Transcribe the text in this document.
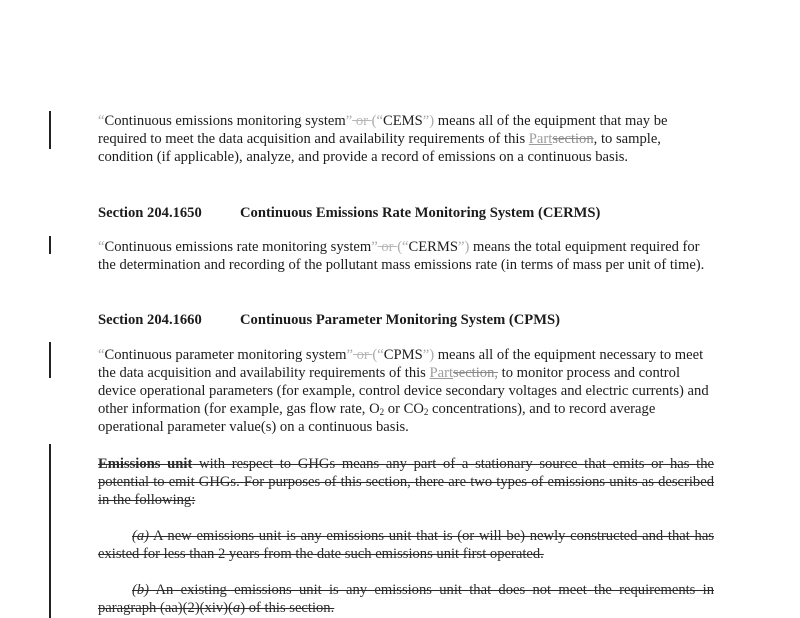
“Continuous emissions monitoring system” or (“CEMS”) means all of the equipment that may be required to meet the data acquisition and availability requirements of this Partsection, to sample, condition (if applicable), analyze, and provide a record of emissions on a continuous basis.
Section 204.1650	Continuous Emissions Rate Monitoring System (CERMS)
“Continuous emissions rate monitoring system” or (“CERMS”) means the total equipment required for the determination and recording of the pollutant mass emissions rate (in terms of mass per unit of time).
Section 204.1660	Continuous Parameter Monitoring System (CPMS)
“Continuous parameter monitoring system” or (“CPMS”) means all of the equipment necessary to meet the data acquisition and availability requirements of this Partsection, to monitor process and control device operational parameters (for example, control device secondary voltages and electric currents) and other information (for example, gas flow rate, $O_2$ or $CO_2$ concentrations), and to record average operational parameter value(s) on a continuous basis.
Emissions unit with respect to GHGs means any part of a stationary source that emits or has the potential to emit GHGs. For purposes of this section, there are two types of emissions units as described in the following:
(a) A new emissions unit is any emissions unit that is (or will be) newly constructed and that has existed for less than 2 years from the date such emissions unit first operated.
(b) An existing emissions unit is any emissions unit that does not meet the requirements in paragraph (aa)(2)(xiv)(a) of this section.
